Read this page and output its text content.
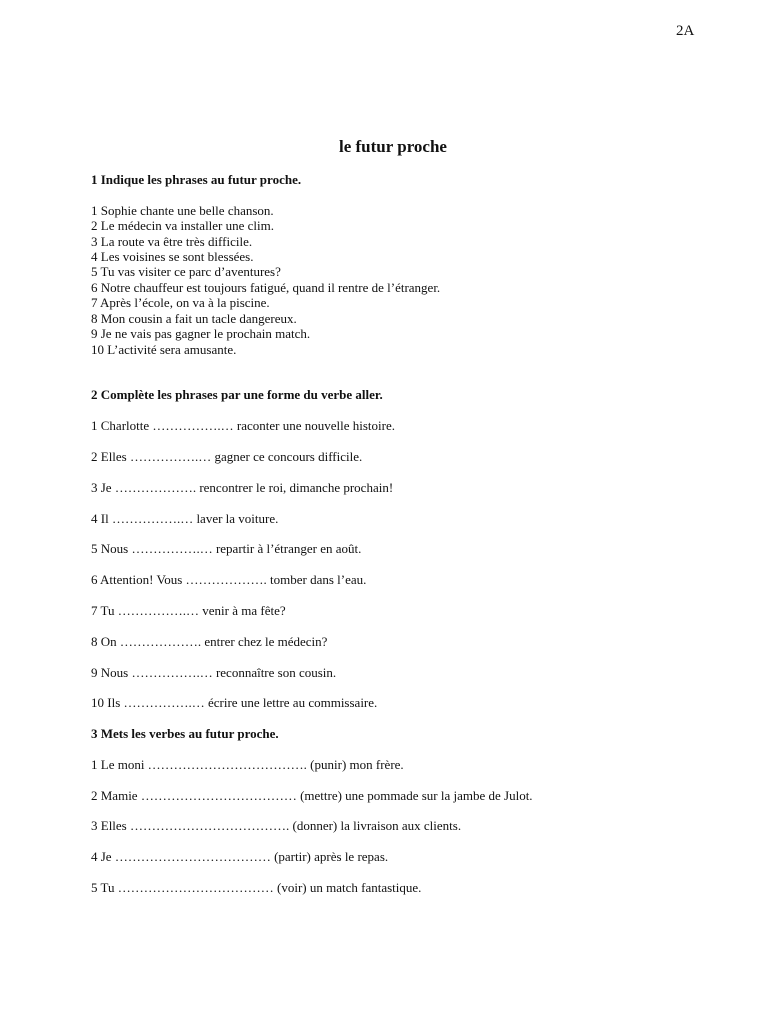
2A
le futur proche

1 Indique les phrases au futur proche.

1 Sophie chante une belle chanson.

2 Le médecin va installer une clim.

3 La route va être très difficile.

4 Les voisines se sont blessées.

5 Tu vas visiter ce parc d’aventures?

6 Notre chauffeur est toujours fatigué, quand il rentre de l’étranger.

7 Après l’école, on va à la piscine.

8 Mon cousin a fait un tacle dangereux.

9 Je ne vais pas gagner le prochain match.

10 L’activité sera amusante.

2 Complète les phrases par une forme du verbe aller.

1 Charlotte …………….… raconter une nouvelle histoire.

2 Elles …………….… gagner ce concours difficile.

3 Je ………………. rencontrer le roi, dimanche prochain!

4 Il …………….… laver la voiture.

5 Nous …………….… repartir à l’étranger en août.

6 Attention! Vous ………………. tomber dans l’eau.

7 Tu …………….… venir à ma fête?

8 On ………………. entrer chez le médecin?

9 Nous …………….… reconnaître son cousin.

10 Ils …………….… écrire une lettre au commissaire.

3 Mets les verbes au futur proche.

1 Le moni ………………………………. (punir) mon frère.

2 Mamie ……………………………… (mettre) une pommade sur la jambe de Julot.

3 Elles ………………………………. (donner) la livraison aux clients.

4 Je ……………………………… (partir) après le repas.

5 Tu ……………………………… (voir) un match fantastique.
